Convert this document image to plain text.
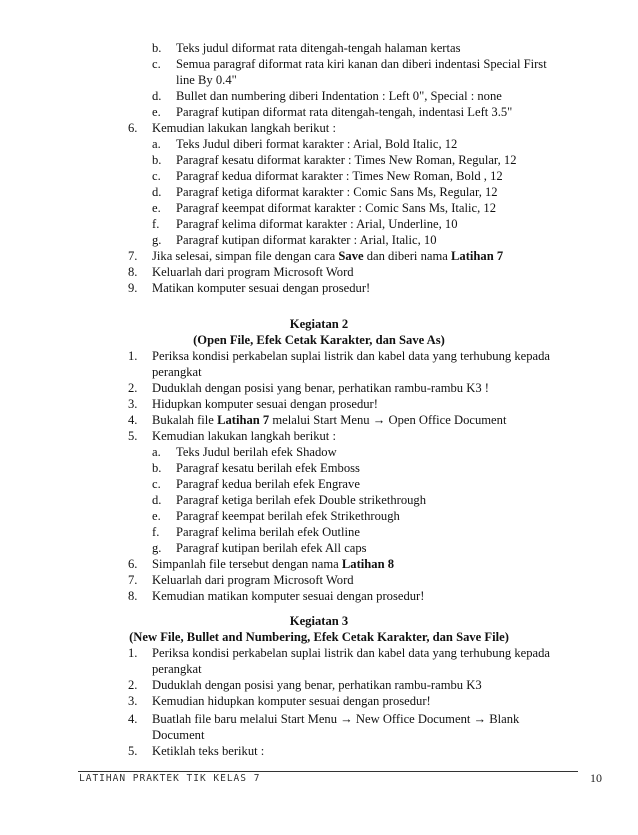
b. Teks judul diformat rata ditengah-tengah halaman kertas
c. Semua paragraf diformat rata kiri kanan dan diberi indentasi Special First
line By 0.4"
d. Bullet dan numbering diberi Indentation : Left 0", Special : none
e. Paragraf kutipan diformat rata ditengah-tengah, indentasi Left 3.5"
6. Kemudian lakukan langkah berikut :
a. Teks Judul diberi format karakter : Arial, Bold Italic, 12
b. Paragraf kesatu diformat karakter : Times New Roman, Regular, 12
c. Paragraf kedua diformat karakter : Times New Roman, Bold , 12
d. Paragraf ketiga diformat karakter : Comic Sans Ms, Regular, 12
e. Paragraf keempat diformat karakter : Comic Sans Ms, Italic, 12
f. Paragraf kelima diformat karakter : Arial, Underline, 10
g. Paragraf kutipan diformat karakter : Arial, Italic, 10
7. Jika selesai, simpan file dengan cara Save dan diberi nama Latihan 7
8. Keluarlah dari program Microsoft Word
9. Matikan komputer sesuai dengan prosedur!
Kegiatan 2
(Open File, Efek Cetak Karakter, dan Save As)
1. Periksa kondisi perkabelan suplai listrik dan kabel data yang terhubung kepada
perangkat
2. Duduklah dengan posisi yang benar, perhatikan rambu-rambu K3 !
3. Hidupkan komputer sesuai dengan prosedur!
4. Bukalah file Latihan 7 melalui Start Menu → Open Office Document
5. Kemudian lakukan langkah berikut :
a. Teks Judul berilah efek Shadow
b. Paragraf kesatu berilah efek Emboss
c. Paragraf kedua berilah efek Engrave
d. Paragraf ketiga berilah efek Double strikethrough
e. Paragraf keempat berilah efek Strikethrough
f. Paragraf kelima berilah efek Outline
g. Paragraf kutipan berilah efek All caps
6. Simpanlah file tersebut dengan nama Latihan 8
7. Keluarlah dari program Microsoft Word
8. Kemudian matikan komputer sesuai dengan prosedur!
Kegiatan 3
(New File, Bullet and Numbering, Efek Cetak Karakter, dan Save File)
1. Periksa kondisi perkabelan suplai listrik dan kabel data yang terhubung kepada
perangkat
2. Duduklah dengan posisi yang benar, perhatikan rambu-rambu K3
3. Kemudian hidupkan komputer sesuai dengan prosedur!
4. Buatlah file baru melalui Start Menu → New Office Document → Blank
Document
5. Ketiklah teks berikut :
LATIHAN PRAKTEK TIK KELAS 7	10
